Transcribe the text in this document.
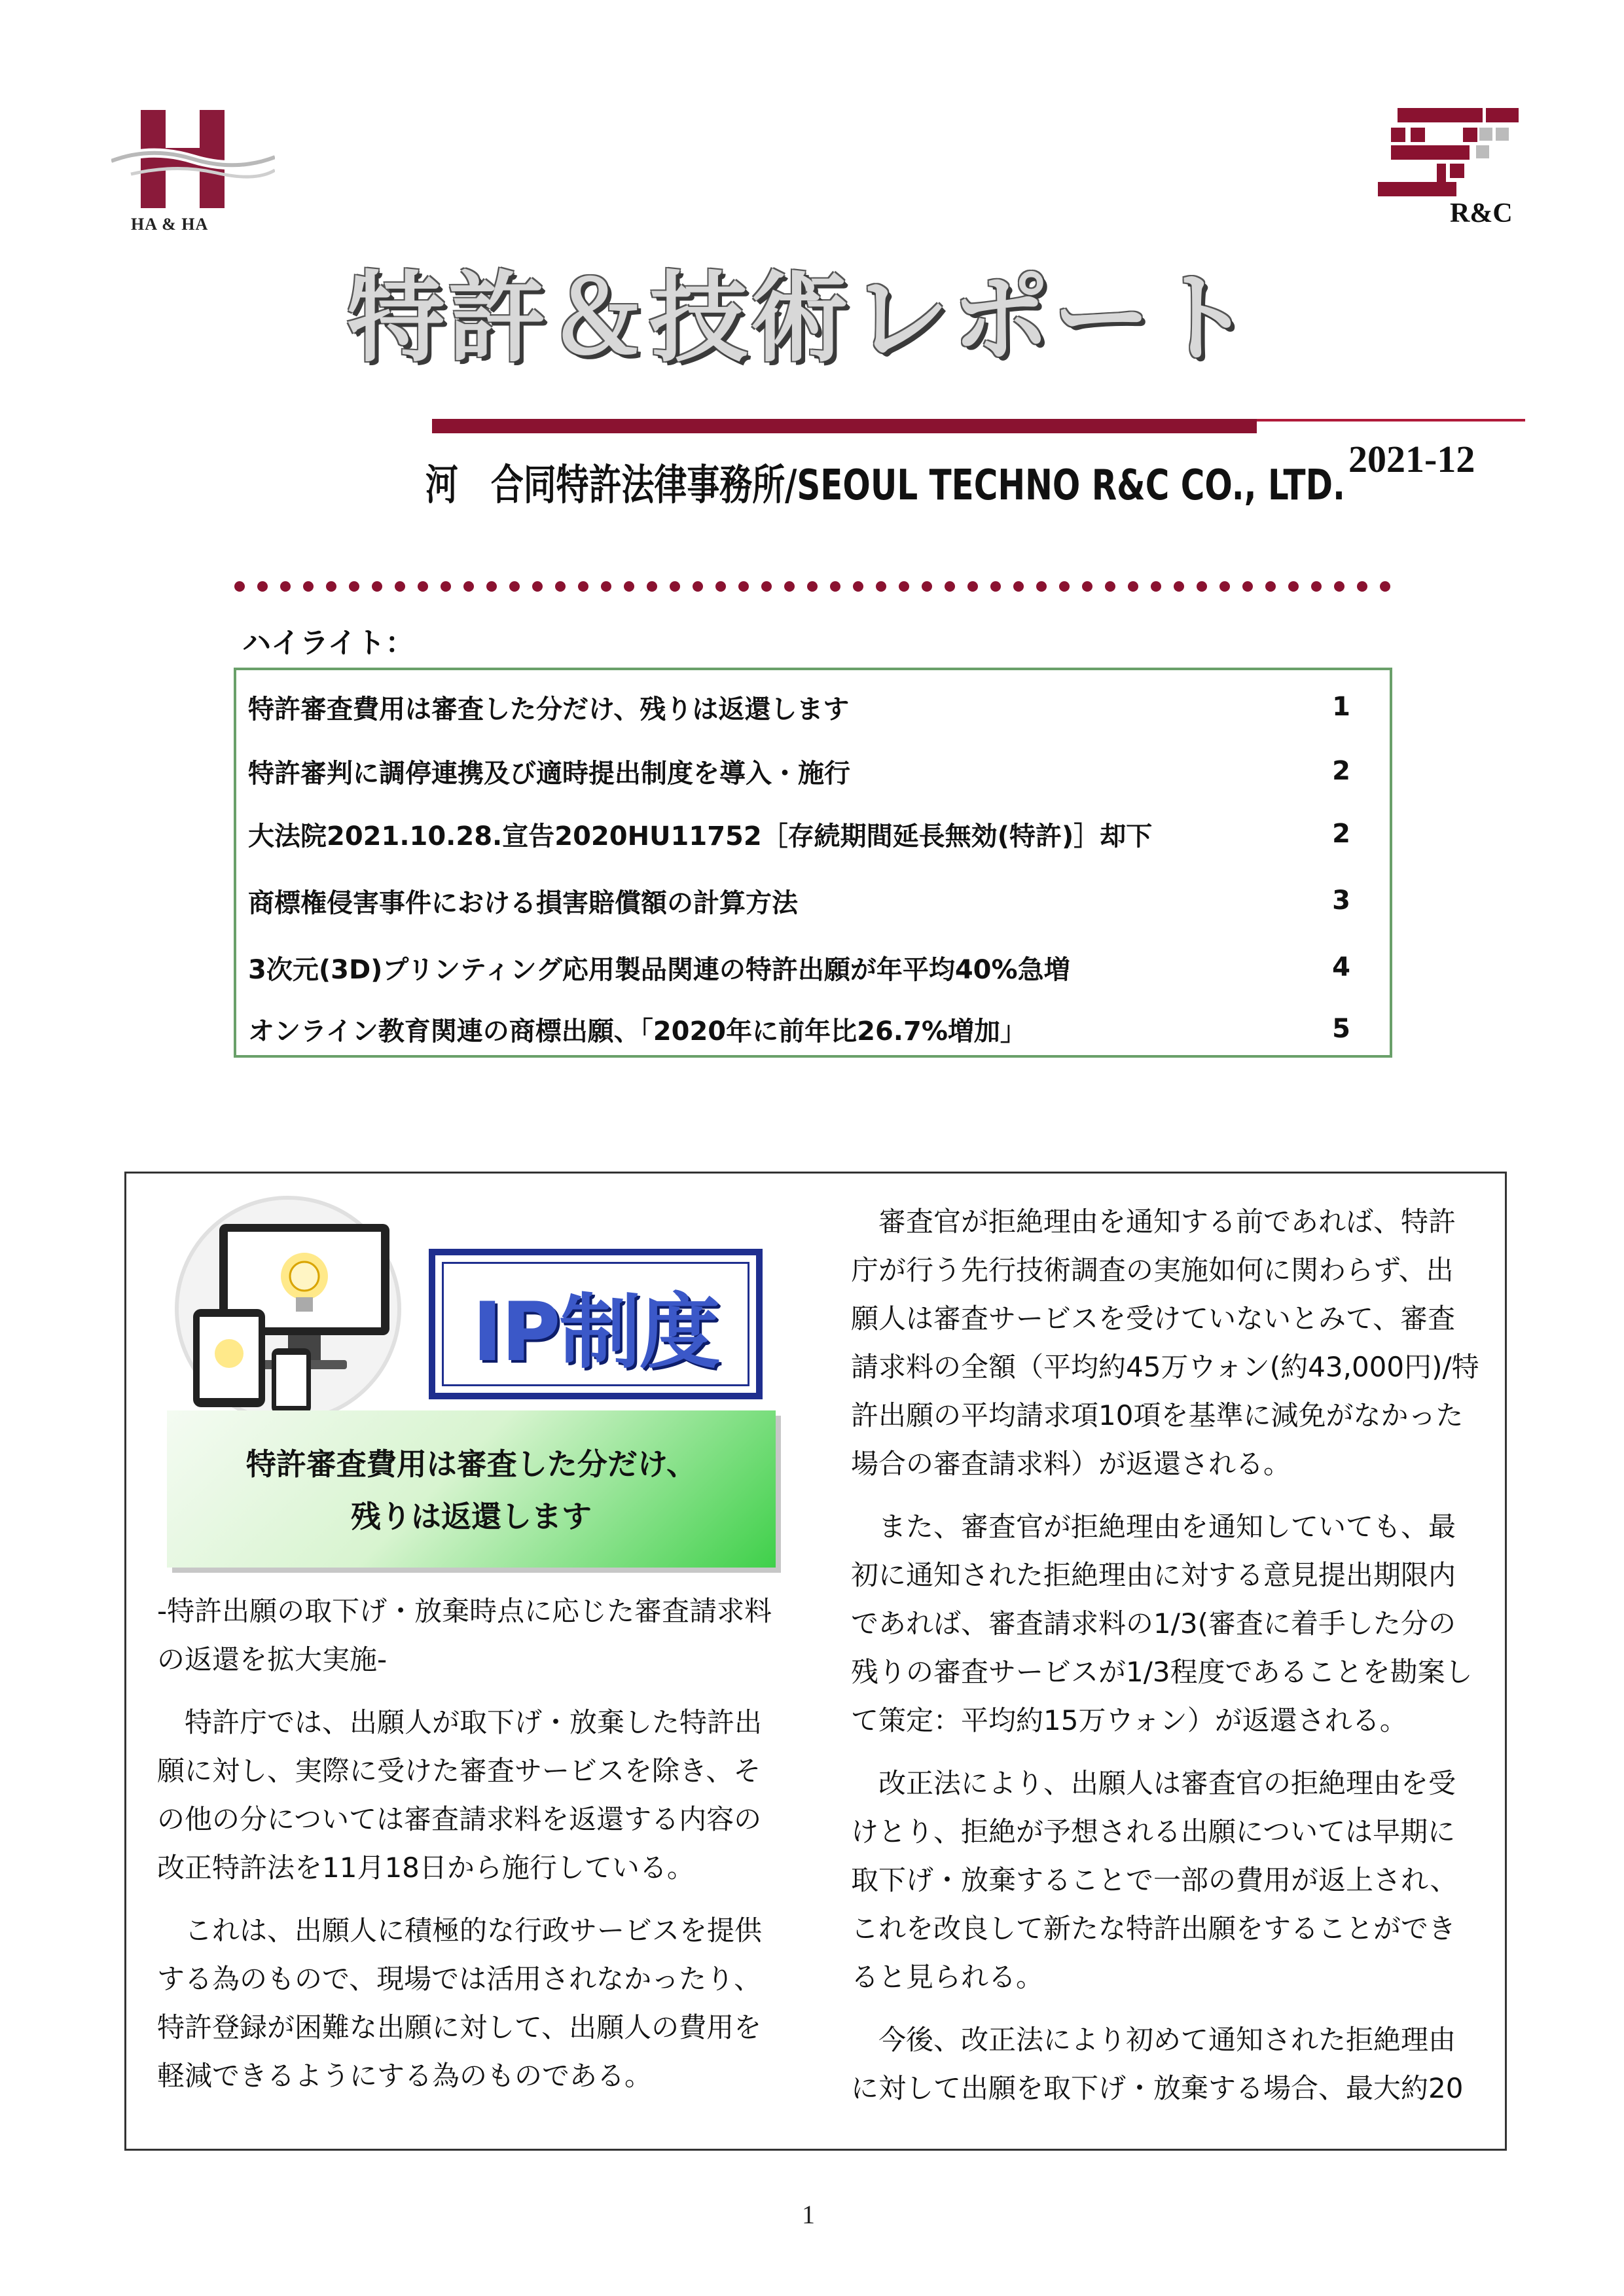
HA & HA	R&C
特許＆技術レポート
河　合同特許法律事務所/SEOUL TECHNO R&C CO., LTD.
2021-12
ハイライト：
特許審査費用は審査した分だけ、残りは返還します	1
特許審判に調停連携及び適時提出制度を導入・施行	2
大法院2021.10.28.宣告2020HU11752［存続期間延長無効(特許)］却下	2
商標権侵害事件における損害賠償額の計算方法	3
3次元(3D)プリンティング応用製品関連の特許出願が年平均40%急増	4
オンライン教育関連の商標出願、「2020年に前年比26.7%増加」	5
IP制度
特許審査費用は審査した分だけ、
残りは返還します

-特許出願の取下げ・放棄時点に応じた審査請求料の返還を拡大実施-

特許庁では、出願人が取下げ・放棄した特許出願に対し、実際に受けた審査サービスを除き、その他の分については審査請求料を返還する内容の改正特許法を11月18日から施行している。

これは、出願人に積極的な行政サービスを提供する為のもので、現場では活用されなかったり、特許登録が困難な出願に対して、出願人の費用を軽減できるようにする為のものである。

審査官が拒絶理由を通知する前であれば、特許庁が行う先行技術調査の実施如何に関わらず、出願人は審査サービスを受けていないとみて、審査請求料の全額（平均約45万ウォン(約43,000円)/特許出願の平均請求項10項を基準に減免がなかった場合の審査請求料）が返還される。

また、審査官が拒絶理由を通知していても、最初に通知された拒絶理由に対する意見提出期限内であれば、審査請求料の1/3(審査に着手した分の残りの審査サービスが1/3程度であることを勘案して策定：平均約15万ウォン）が返還される。

改正法により、出願人は審査官の拒絶理由を受けとり、拒絶が予想される出願については早期に取下げ・放棄することで一部の費用が返上され、これを改良して新たな特許出願をすることができると見られる。

今後、改正法により初めて通知された拒絶理由に対して出願を取下げ・放棄する場合、最大約20

1
